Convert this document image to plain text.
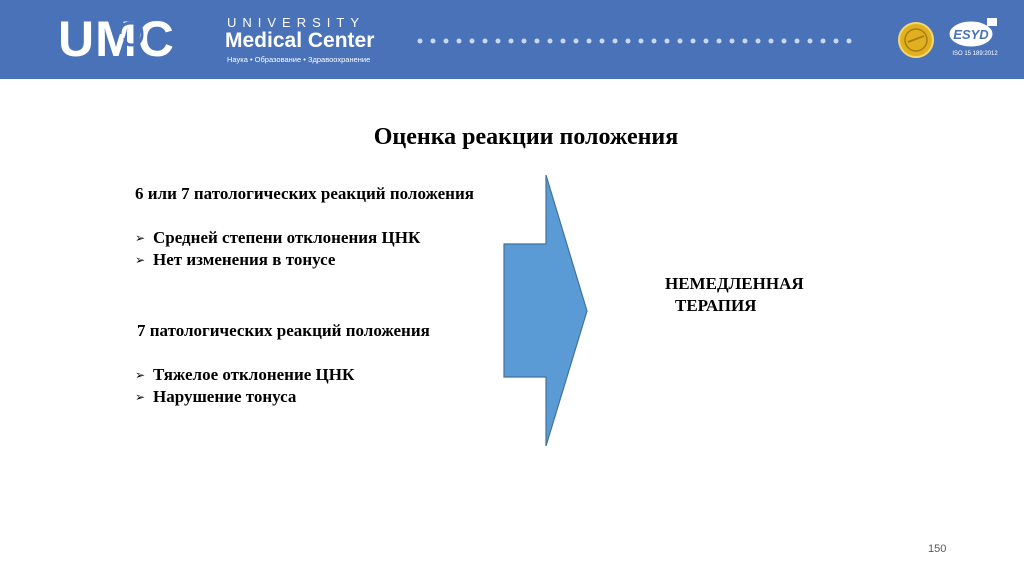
UMC	UNIVERSITY
Medical Center
Наука • Образование • Здравоохранение
ESYD
ISO 15 189:2012
Оценка реакции положения
6 или 7 патологических реакций положения
➢ Средней степени отклонения ЦНК
➢ Нет изменения в тонусе
7 патологических реакций положения
➢ Тяжелое отклонение ЦНК
➢ Нарушение тонуса
НЕМЕДЛЕННАЯ
ТЕРАПИЯ
150
